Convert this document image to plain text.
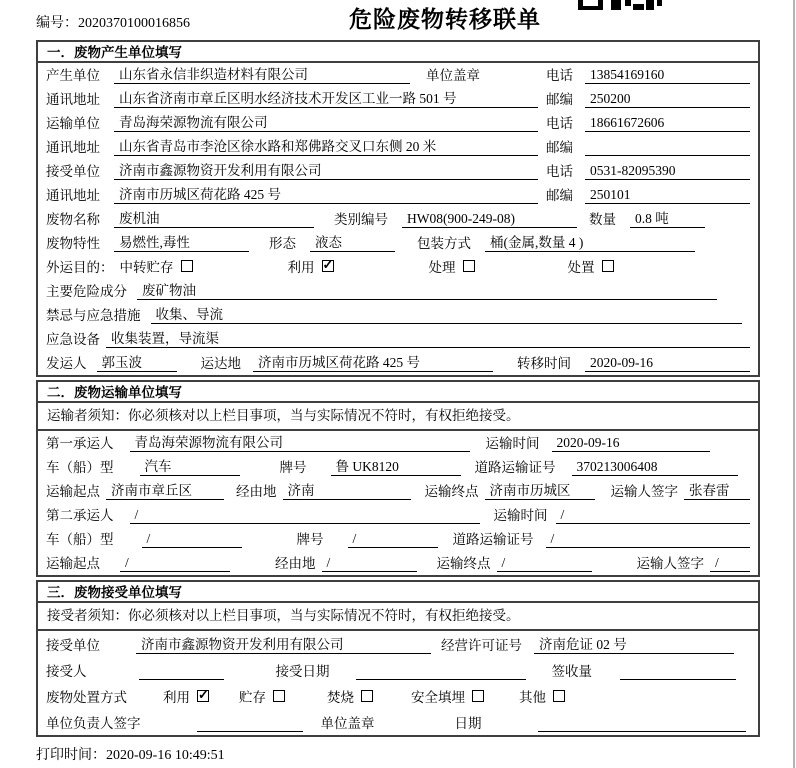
编号：2020370100016856	危险废物转移联单
一．废物产生单位填写
产生单位	山东省永信非织造材料有限公司	单位盖章	电话	13854169160
通讯地址	山东省济南市章丘区明水经济技术开发区工业一路 501 号	邮编	250200
运输单位	青岛海荣源物流有限公司	电话	18661672606
通讯地址	山东省青岛市李沧区徐水路和郑佛路交叉口东侧 20 米	邮编
接受单位	济南市鑫源物资开发利用有限公司	电话	0531-82095390
通讯地址	济南市历城区荷花路 425 号	邮编	250101
废物名称	废机油	类别编号	HW08(900-249-08)	数量	0.8 吨
废物特性	易燃性,毒性	形态	液态	包装方式	桶(金属,数量 4 )
外运目的： 中转贮存	利用 ✓	处理	处置
主要危险成分	废矿物油
禁忌与应急措施	收集、导流
应急设备 收集装置，导流渠
发运人	郭玉波	运达地	济南市历城区荷花路 425 号	转移时间	2020-09-16
二．废物运输单位填写
运输者须知：你必须核对以上栏目事项，当与实际情况不符时，有权拒绝接受。
第一承运人	青岛海荣源物流有限公司	运输时间	2020-09-16
车（船）型	汽车	牌号	鲁 UK8120	道路运输证号	370213006408
运输起点 济南市章丘区	经由地 济南	运输终点 济南市历城区	运输人签字 张春雷
第二承运人	/	运输时间 /
车（船）型	/	牌号	/	道路运输证号	/
运输起点	/	经由地 /	运输终点 /	运输人签字 /
三．废物接受单位填写
接受者须知：你必须核对以上栏目事项，当与实际情况不符时，有权拒绝接受。
接受单位	济南市鑫源物资开发利用有限公司	经营许可证号	济南危证 02 号
接受人	接受日期	签收量
废物处置方式	利用 ✓	贮存	焚烧	安全填埋	其他
单位负责人签字	单位盖章	日期
打印时间：2020-09-16 10:49:51
